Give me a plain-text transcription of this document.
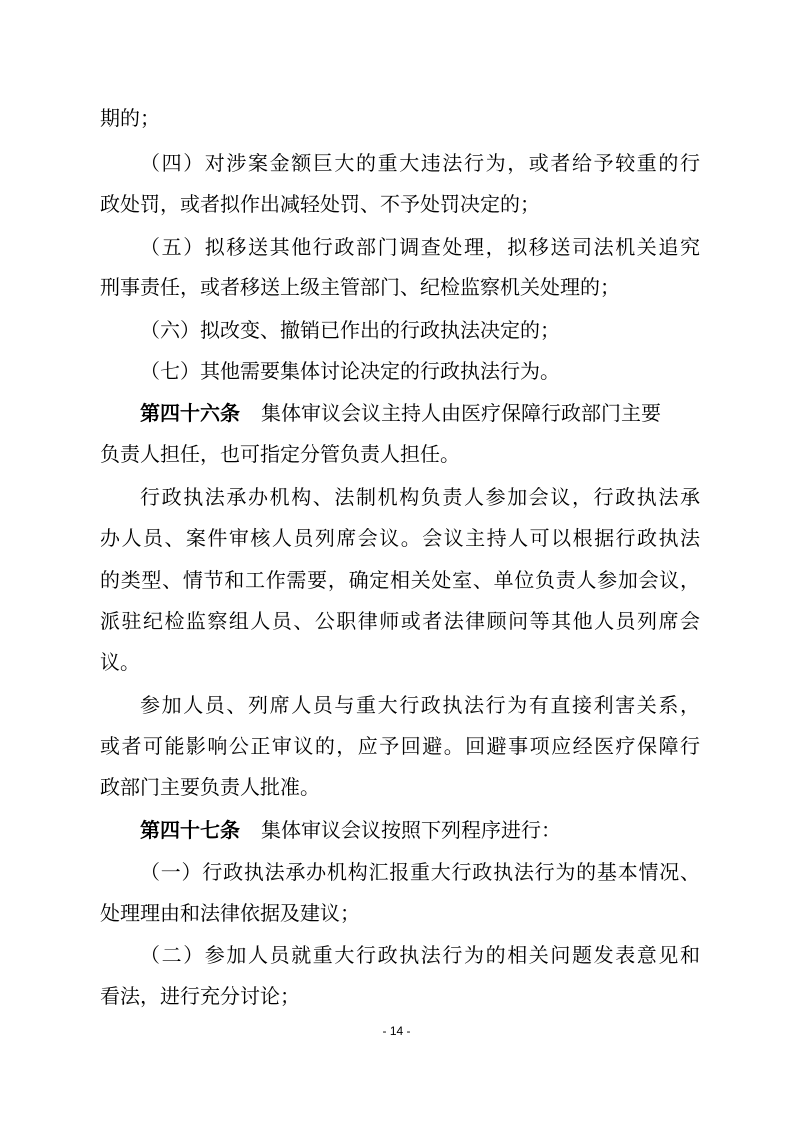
期的；
（四）对涉案金额巨大的重大违法行为，或者给予较重的行
政处罚，或者拟作出减轻处罚、不予处罚决定的；
（五）拟移送其他行政部门调查处理，拟移送司法机关追究
刑事责任，或者移送上级主管部门、纪检监察机关处理的；
（六）拟改变、撤销已作出的行政执法决定的；
（七）其他需要集体讨论决定的行政执法行为。
第四十六条 集体审议会议主持人由医疗保障行政部门主要
负责人担任，也可指定分管负责人担任。
行政执法承办机构、法制机构负责人参加会议，行政执法承
办人员、案件审核人员列席会议。会议主持人可以根据行政执法
的类型、情节和工作需要，确定相关处室、单位负责人参加会议，
派驻纪检监察组人员、公职律师或者法律顾问等其他人员列席会
议。
参加人员、列席人员与重大行政执法行为有直接利害关系，
或者可能影响公正审议的，应予回避。回避事项应经医疗保障行
政部门主要负责人批准。
第四十七条 集体审议会议按照下列程序进行：
（一）行政执法承办机构汇报重大行政执法行为的基本情况、
处理理由和法律依据及建议；
（二）参加人员就重大行政执法行为的相关问题发表意见和
看法，进行充分讨论；
- 14 -
